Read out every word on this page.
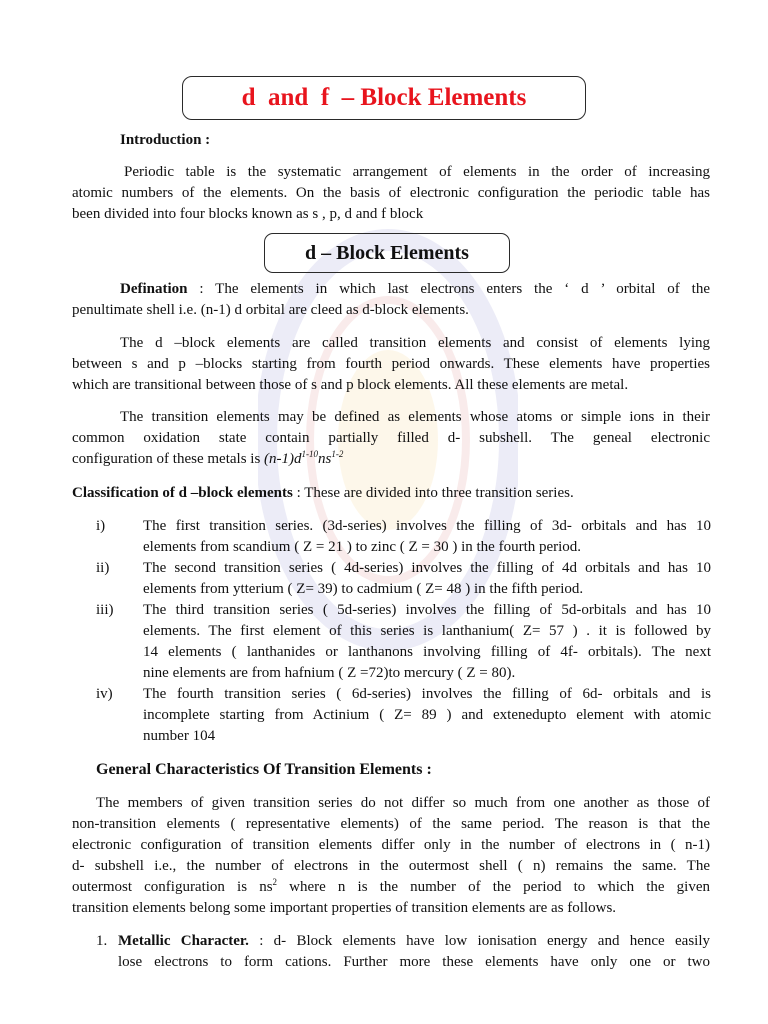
d  and  f  – Block Elements
Introduction :
Periodic table is the systematic arrangement of elements in the order of increasing
atomic numbers of the elements. On the basis of electronic configuration the periodic table has
been divided into four blocks known as s , p, d and f block
d – Block Elements
Defination : The elements in which last electrons enters the ‘ d ’ orbital of the
penultimate shell i.e. (n-1) d orbital are cleed as d-block elements.
The d –block elements are called transition elements and consist of elements lying
between s and p –blocks starting from fourth period onwards. These elements have properties
which are transitional between those of s and p block elements. All these elements are metal.
The transition elements may be defined as elements whose atoms or simple ions in their
common oxidation state contain partially filled d- subshell. The geneal electronic
configuration of these metals is $(n-1)d^{1-10}ns^{1-2}$
Classification of d –block elements : These are divided into three transition series.
i)	The first transition series. (3d-series) involves the filling of 3d- orbitals and has 10
elements from scandium ( Z = 21 ) to zinc ( Z = 30 ) in the fourth period.
ii) The second transition series ( 4d-series) involves the filling of 4d orbitals and has 10
elements from ytterium ( Z= 39) to cadmium ( Z= 48 ) in the fifth period.
iii) The third transition series ( 5d-series) involves the filling of 5d-orbitals and has 10
elements. The first element of this series is lanthanium( Z= 57 ) . it is followed by
14 elements ( lanthanides or lanthanons involving filling of 4f- orbitals). The next
nine elements are from hafnium ( Z =72)to mercury ( Z = 80).
iv) The fourth transition series ( 6d-series) involves the filling of 6d- orbitals and is
incomplete starting from Actinium ( Z= 89 ) and extenedupto element with atomic
number 104
General Characteristics Of Transition Elements :
The members of given transition series do not differ so much from one another as those of
non-transition elements ( representative elements) of the same period. The reason is that the
electronic configuration of transition elements differ only in the number of electrons in ( n-1)
d- subshell i.e., the number of electrons in the outermost shell ( n) remains the same. The
outermost configuration is $ns^2$ where n is the number of the period to which the given
transition elements belong some important properties of transition elements are as follows.
1. Metallic Character. : d- Block elements have low ionisation energy and hence easily
lose electrons to form cations. Further more these elements have only one or two
